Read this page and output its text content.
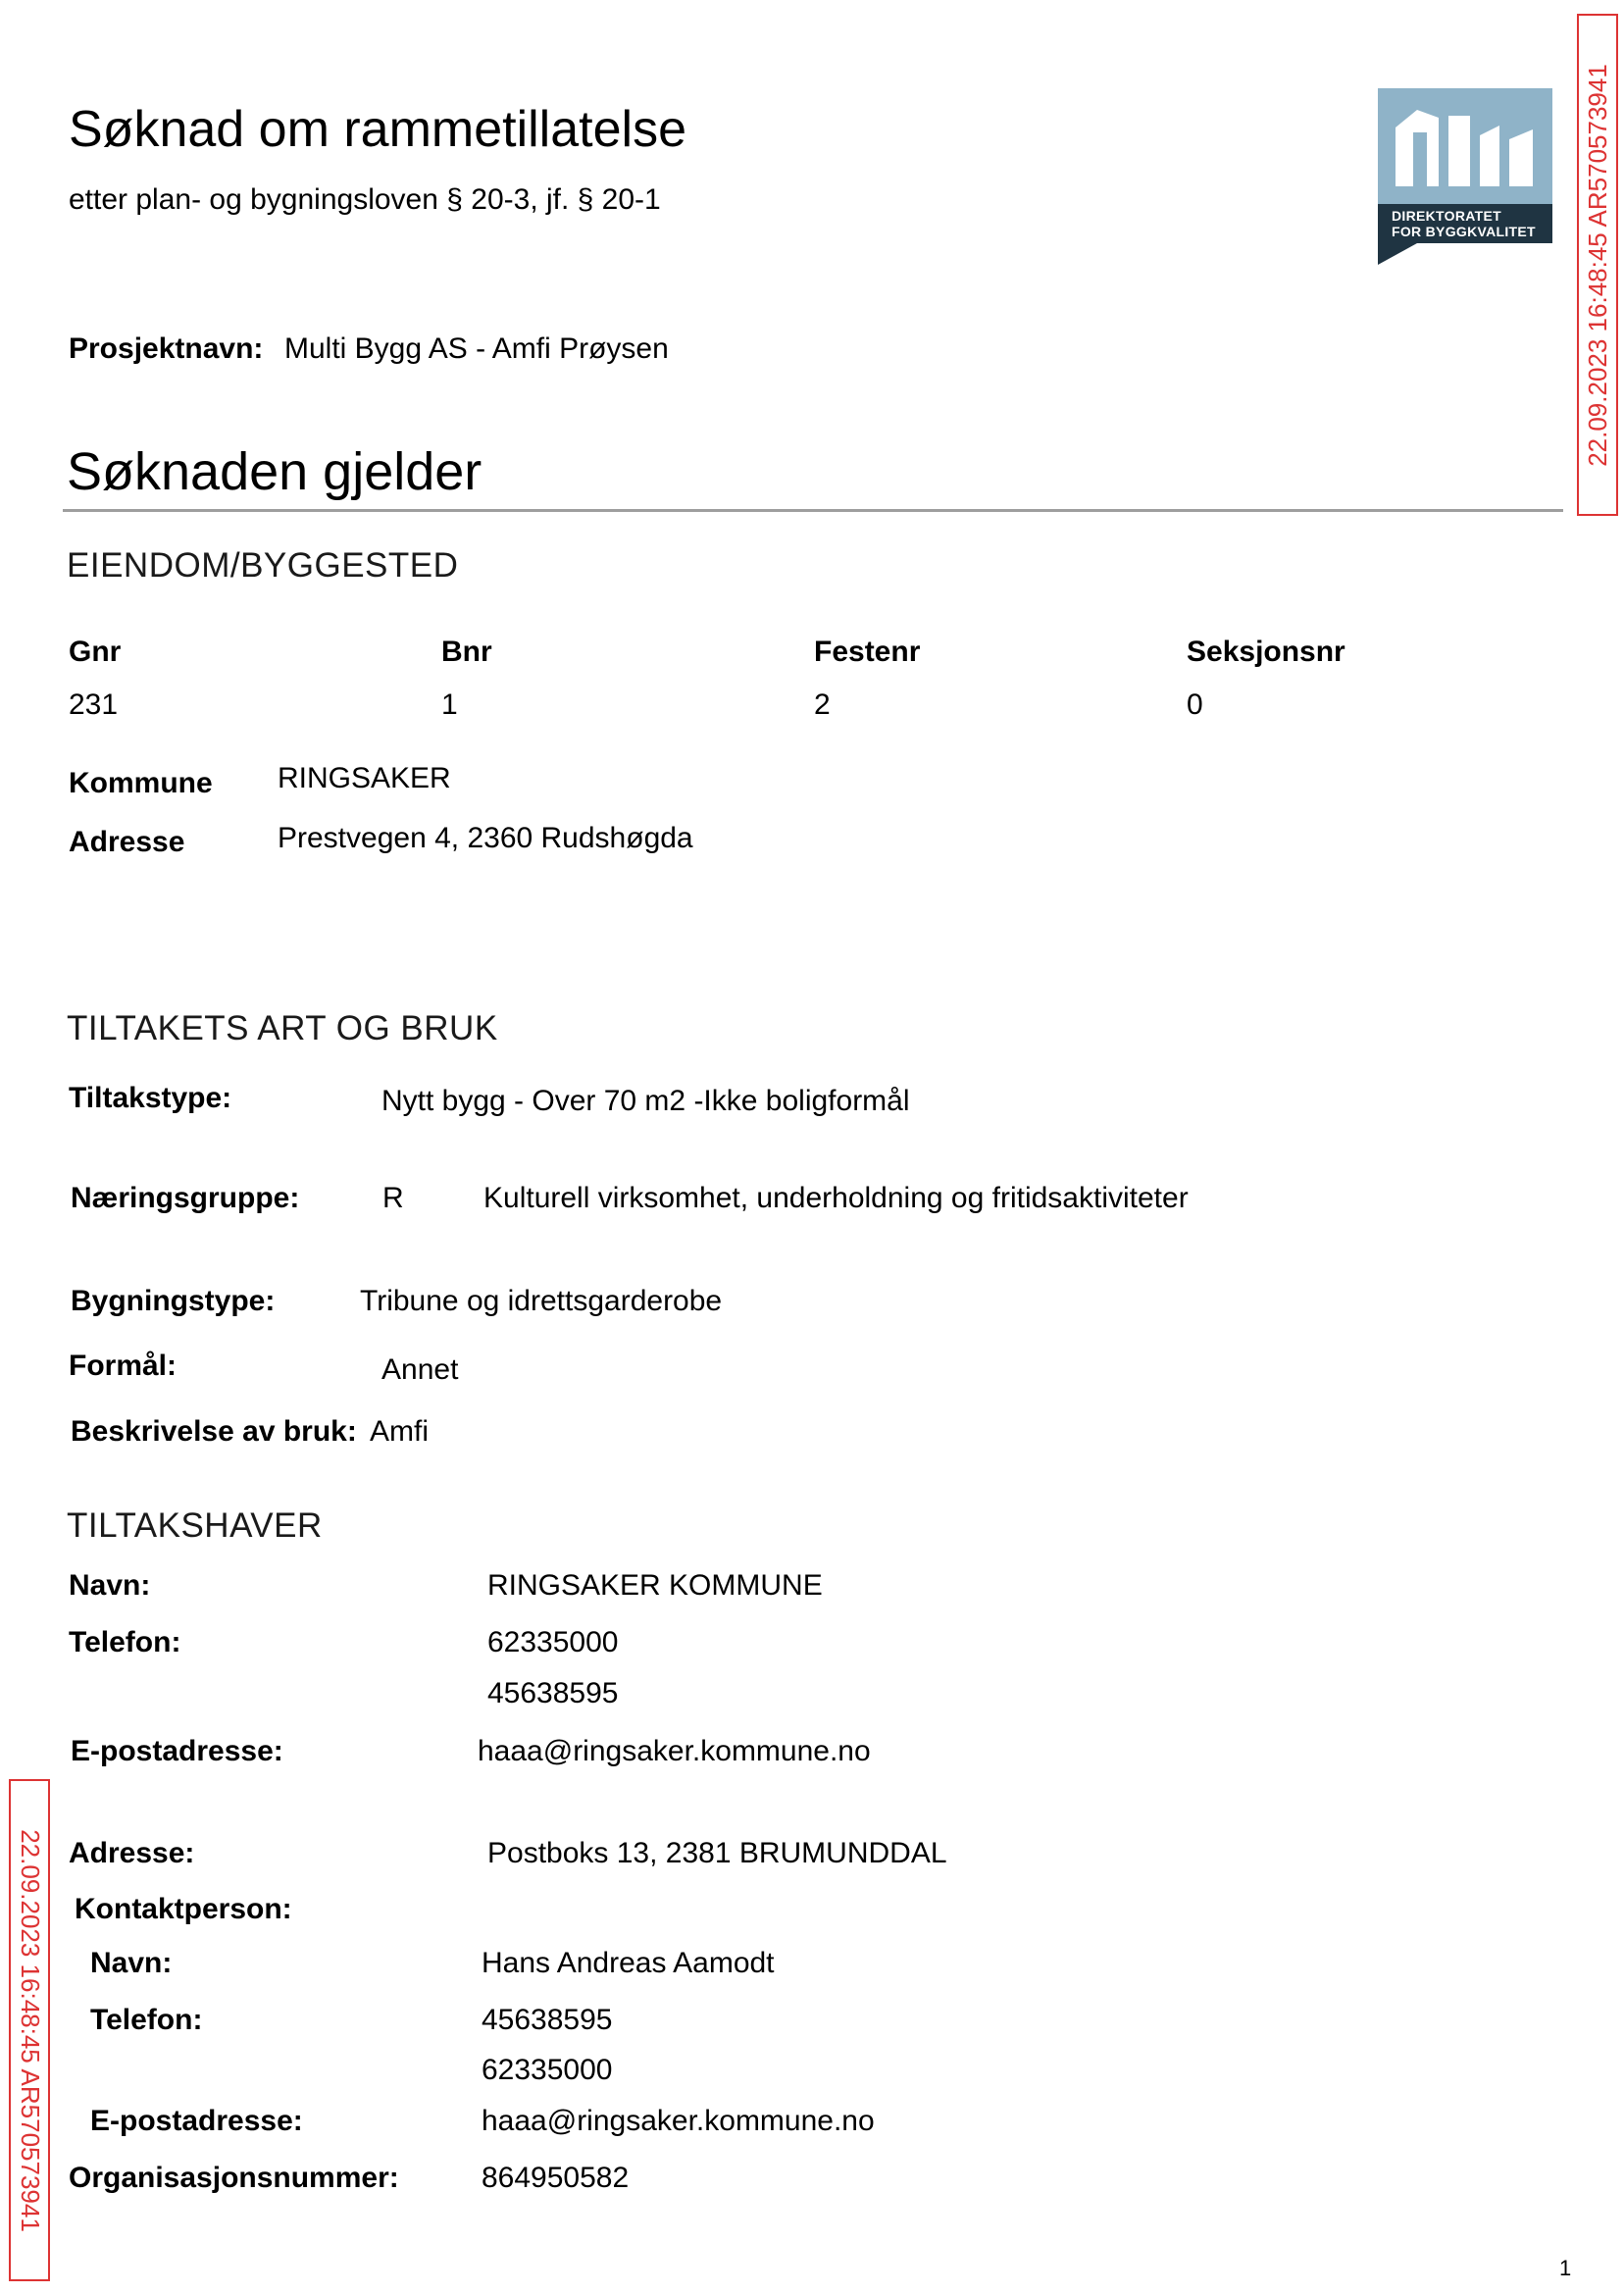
Søknad om rammetillatelse
etter plan- og bygningsloven § 20-3, jf. § 20-1	DIREKTORATET
FOR BYGGKVALITET 22.09.2023 16:48:45 AR570573941
22.09.2023 16:48:45 AR570573941
Prosjektnavn: Multi Bygg AS - Amfi Prøysen
Søknaden gjelder
EIENDOM/BYGGESTED
Gnr	Bnr	Festenr	Seksjonsnr
231	1	2	0
Kommune RINGSAKER
Adresse	Prestvegen 4, 2360 Rudshøgda
TILTAKETS ART OG BRUK
Tiltakstype:	Nytt bygg - Over 70 m2 -Ikke boligformål
Næringsgruppe:	R	Kulturell virksomhet, underholdning og fritidsaktiviteter
Bygningstype:	Tribune og idrettsgarderobe
Formål:	Annet
Beskrivelse av bruk: Amfi
TILTAKSHAVER
Navn:	RINGSAKER KOMMUNE
Telefon:	62335000
45638595
E-postadresse:	haaa@ringsaker.kommune.no
Adresse:	Postboks 13, 2381 BRUMUNDDAL
Kontaktperson:
Navn:	Hans Andreas Aamodt
Telefon:	45638595
62335000
E-postadresse:	haaa@ringsaker.kommune.no
Organisasjonsnummer:	864950582
1
